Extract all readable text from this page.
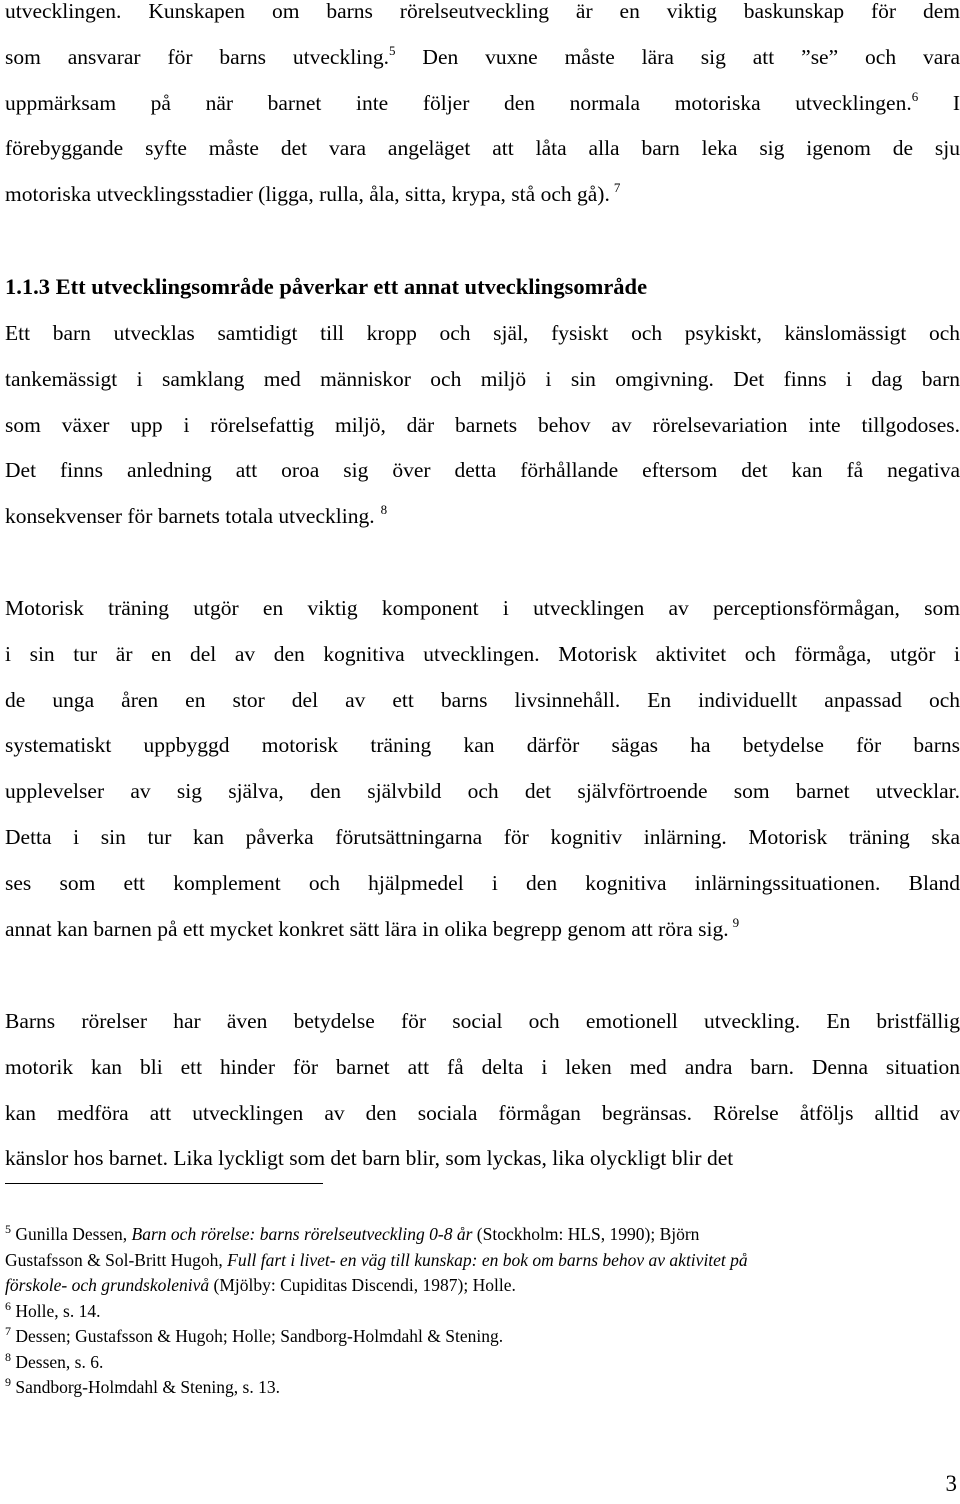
utvecklingen. Kunskapen om barns rörelseutveckling är en viktig baskunskap för dem
som ansvarar för barns utveckling.$^5$ Den vuxne måste lära sig att ”se” och vara
uppmärksam på när barnet inte följer den normala motoriska utvecklingen.$^6$ I
förebyggande syfte måste det vara angeläget att låta alla barn leka sig igenom de sju
motoriska utvecklingsstadier (ligga, rulla, åla, sitta, krypa, stå och gå). $^7$
1.1.3 Ett utvecklingsområde påverkar ett annat utvecklingsområde
Ett barn utvecklas samtidigt till kropp och själ, fysiskt och psykiskt, känslomässigt och
tankemässigt i samklang med människor och miljö i sin omgivning. Det finns i dag barn
som växer upp i rörelsefattig miljö, där barnets behov av rörelsevariation inte tillgodoses.
Det finns anledning att oroa sig över detta förhållande eftersom det kan få negativa
konsekvenser för barnets totala utveckling. $^8$
Motorisk träning utgör en viktig komponent i utvecklingen av perceptionsförmågan, som
i sin tur är en del av den kognitiva utvecklingen. Motorisk aktivitet och förmåga, utgör i
de unga åren en stor del av ett barns livsinnehåll. En individuellt anpassad och
systematiskt uppbyggd motorisk träning kan därför sägas ha betydelse för barns
upplevelser av sig själva, den självbild och det självförtroende som barnet utvecklar.
Detta i sin tur kan påverka förutsättningarna för kognitiv inlärning. Motorisk träning ska
ses som ett komplement och hjälpmedel i den kognitiva inlärningssituationen. Bland
annat kan barnen på ett mycket konkret sätt lära in olika begrepp genom att röra sig. $^9$
Barns rörelser har även betydelse för social och emotionell utveckling. En bristfällig
motorik kan bli ett hinder för barnet att få delta i leken med andra barn. Denna situation
kan medföra att utvecklingen av den sociala förmågan begränsas. Rörelse åtföljs alltid av
känslor hos barnet. Lika lyckligt som det barn blir, som lyckas, lika olyckligt blir det
$^5$ Gunilla Dessen, Barn och rörelse: barns rörelseutveckling 0-8 år (Stockholm: HLS, 1990); Björn
Gustafsson & Sol-Britt Hugoh, Full fart i livet- en väg till kunskap: en bok om barns behov av aktivitet på
förskole- och grundskolenivå (Mjölby: Cupiditas Discendi, 1987); Holle.
$^6$ Holle, s. 14.
$^7$ Dessen; Gustafsson & Hugoh; Holle; Sandborg-Holmdahl & Stening.
$^8$ Dessen, s. 6.
$^9$ Sandborg-Holmdahl & Stening, s. 13.
3
